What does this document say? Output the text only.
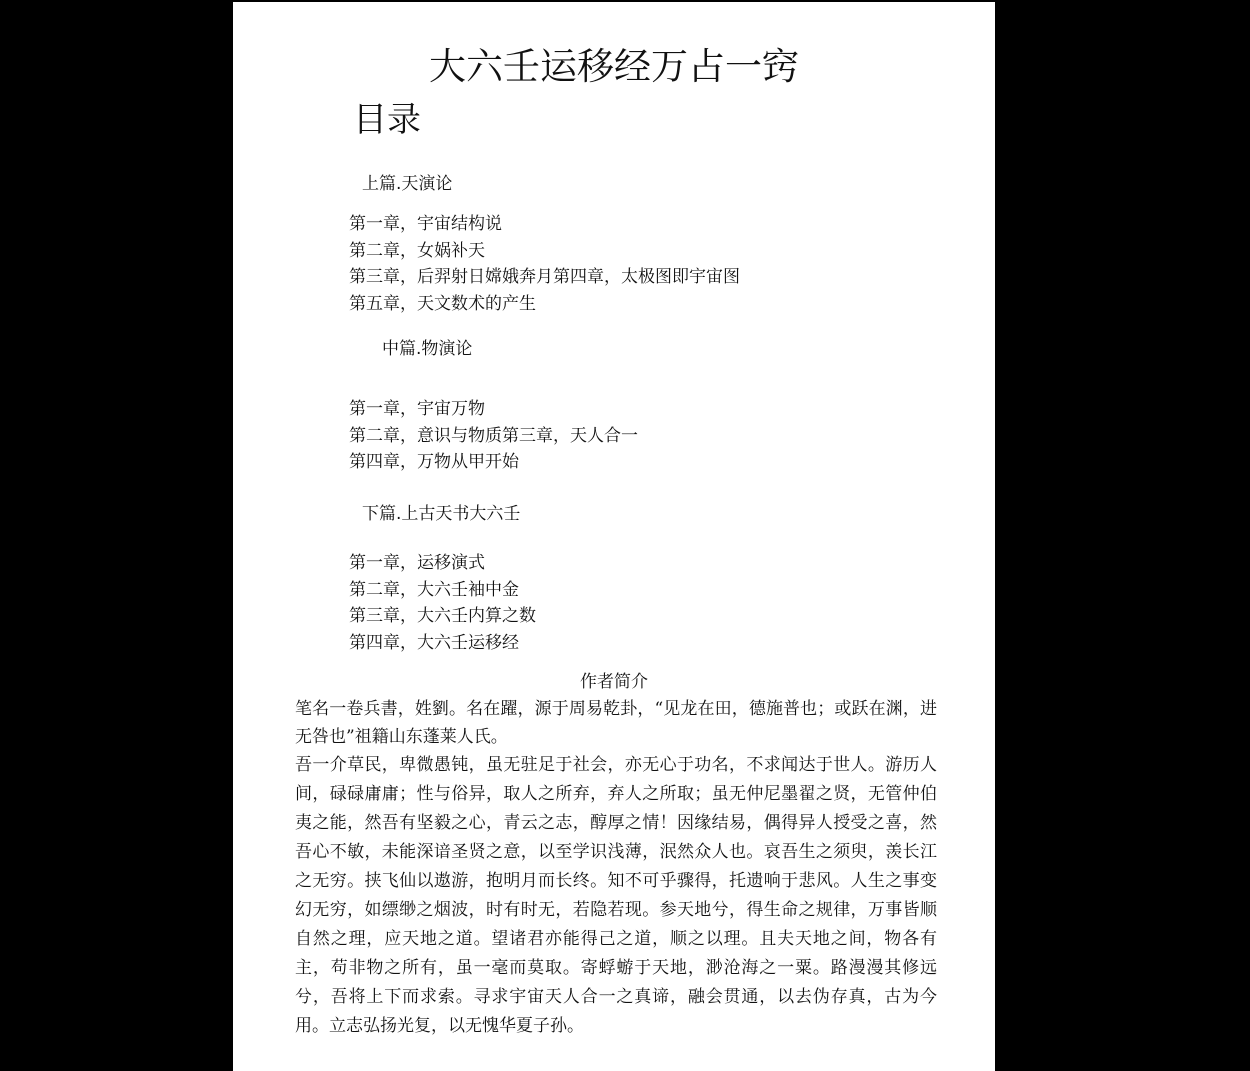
大六壬运移经万占一窍
目录
上篇.天演论
第一章，宇宙结构说
第二章，女娲补天
第三章，后羿射日嫦娥奔月第四章，太极图即宇宙图
第五章，天文数术的产生
中篇.物演论
第一章，宇宙万物
第二章，意识与物质第三章，天人合一
第四章，万物从甲开始
下篇.上古天书大六壬
第一章，运移演式
第二章，大六壬袖中金
第三章，大六壬内算之数
第四章，大六壬运移经
作者简介

笔名一卷兵書，姓劉。名在躍，源于周易乾卦，“见龙在田，德施普也；或跃在渊，进无咎也”祖籍山东蓬莱人氏。

吾一介草民，卑微愚钝，虽无驻足于社会，亦无心于功名，不求闻达于世人。游历人间，碌碌庸庸；性与俗异，取人之所弃，弃人之所取；虽无仲尼墨翟之贤，无管仲伯夷之能，然吾有坚毅之心，青云之志，醇厚之情！因缘结易，偶得异人授受之喜，然吾心不敏，未能深谙圣贤之意，以至学识浅薄，泯然众人也。哀吾生之须臾，羡长江之无穷。挟飞仙以遨游，抱明月而长终。知不可乎骤得，托遗响于悲风。人生之事变幻无穷，如缥缈之烟波，时有时无，若隐若现。参天地兮，得生命之规律，万事皆顺自然之理，应天地之道。望诸君亦能得己之道，顺之以理。且夫天地之间，物各有主，苟非物之所有，虽一毫而莫取。寄蜉蝣于天地，渺沧海之一粟。路漫漫其修远兮，吾将上下而求索。寻求宇宙天人合一之真谛，融会贯通，以去伪存真，古为今用。立志弘扬光复，以无愧华夏子孙。
